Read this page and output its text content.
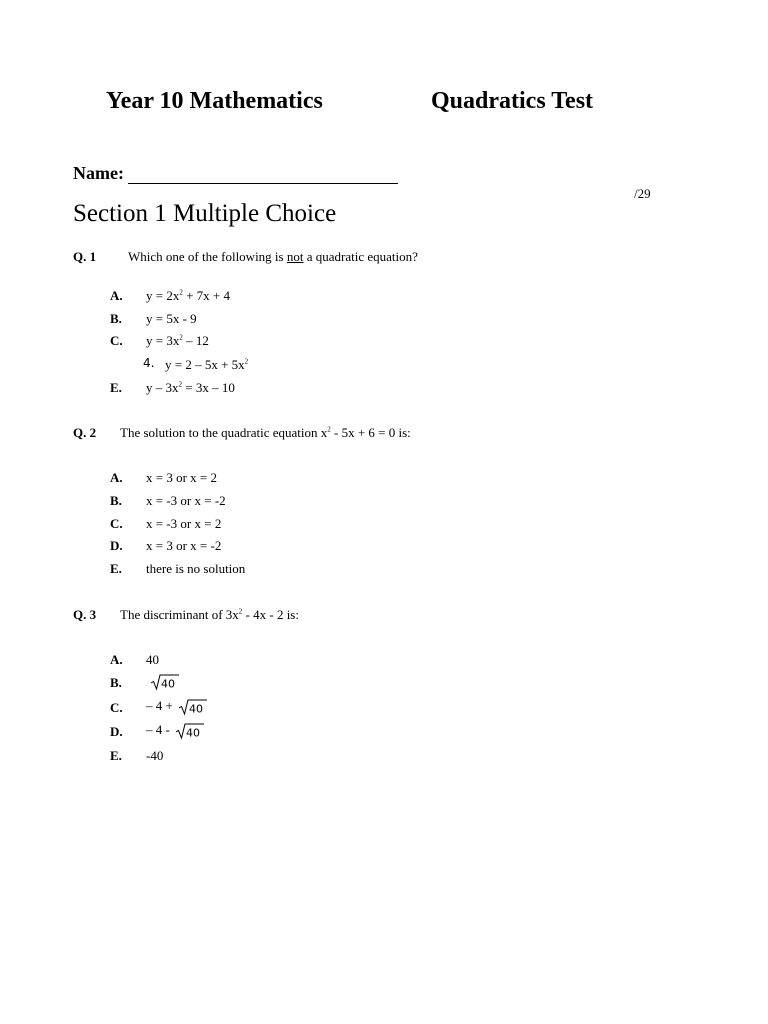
Year 10 Mathematics	Quadratics Test
Name:
/29
Section 1 Multiple Choice
Q. 1 Which one of the following is not a quadratic equation?
A. $y = 2x^2 + 7x + 4$
B. y = 5x - 9
C. $y = 3x^2 - 12$
4. $y = 2 - 5x + 5x^2$
E. $y - 3x^2 = 3x - 10$
Q. 2 The solution to the quadratic equation $x^2 - 5x + 6 = 0$ is:
A. x = 3 or x = 2
B. x = -3 or x = -2
C. x = -3 or x = 2
D. x = 3 or x = -2
E. there is no solution
Q. 3 The discriminant of $3x^2 - 4x - 2$ is:
A. 40
B.	40
C. – 4 + 40
D. – 4 - 40
E. -40
